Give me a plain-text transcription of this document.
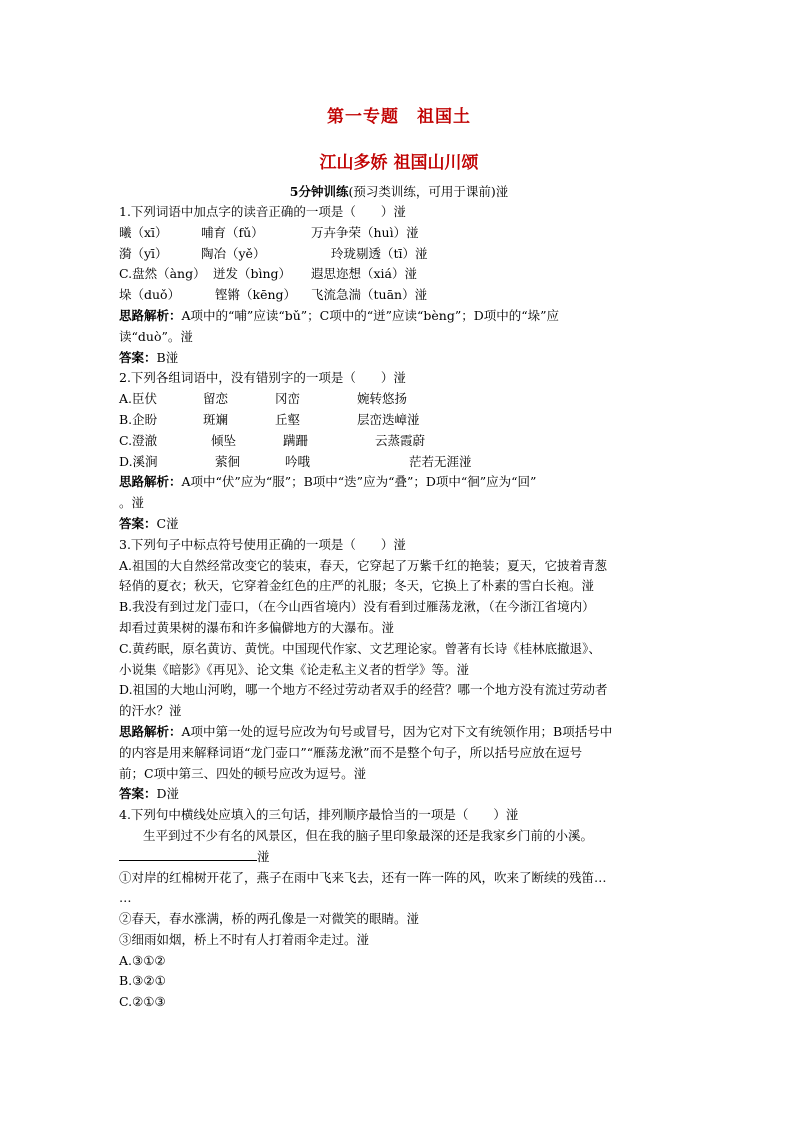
第一专题　祖国土
江山多娇 祖国山川颂
5分钟训练(预习类训练，可用于课前)湴
1.下列词语中加点字的读音正确的一项是（　　）湴
曦（xī）	哺育（fǔ）	万卉争荣（huì）湴
漪（yī）	陶冶（yě）	玲珑剔透（tī）湴
C.盘然（àng） 迸发（bìng） 遐思迩想（xiá）湴
垛（duǒ）	铿锵（kēng） 飞流急湍（tuān）湴
思路解析：A项中的“哺”应读“bǔ”；C项中的“迸”应读“bèng”；D项中的“垛”应
读“duò”。湴
答案：B湴
2.下列各组词语中，没有错别字的一项是（　　）湴
A.臣伏	留恋	冈峦	婉转悠扬
B.企盼	斑斓	丘壑	层峦迭嶂湴
C.澄澈	倾坠	蹒跚	云蒸霞蔚
D.溪涧	萦徊	吟哦	茫若无涯湴
思路解析：A项中“伏”应为“服”；B项中“迭”应为“叠”；D项中“徊”应为“回”
。湴
答案：C湴
3.下列句子中标点符号使用正确的一项是（　　）湴
A.祖国的大自然经常改变它的装束，春天，它穿起了万紫千红的艳装；夏天，它披着青葱
轻俏的夏衣；秋天，它穿着金红色的庄严的礼服；冬天，它换上了朴素的雪白长袍。湴
B.我没有到过龙门壶口，（在今山西省境内）没有看到过雁荡龙湫，（在今浙江省境内）
却看过黄果树的瀑布和许多偏僻地方的大瀑布。湴
C.黄药眠，原名黄访、黄恍。中国现代作家、文艺理论家。曾著有长诗《桂林底撤退》、
小说集《暗影》《再见》、论文集《论走私主义者的哲学》等。湴
D.祖国的大地山河哟，哪一个地方不经过劳动者双手的经营？哪一个地方没有流过劳动者
的汗水？湴
思路解析：A项中第一处的逗号应改为句号或冒号，因为它对下文有统领作用；B项括号中
的内容是用来解释词语“龙门壶口”“雁荡龙湫”而不是整个句子，所以括号应放在逗号
前；C项中第三、四处的顿号应改为逗号。湴
答案：D湴
4.下列句中横线处应填入的三句话，排列顺序最恰当的一项是（　　）湴
生平到过不少有名的风景区，但在我的脑子里印象最深的还是我家乡门前的小溪。
湴
①对岸的红棉树开花了，燕子在雨中飞来飞去，还有一阵一阵的风，吹来了断续的残笛…
…
②春天，春水涨满，桥的两孔像是一对微笑的眼睛。湴
③细雨如烟，桥上不时有人打着雨伞走过。湴
A.③①②
B.③②①
C.②①③
